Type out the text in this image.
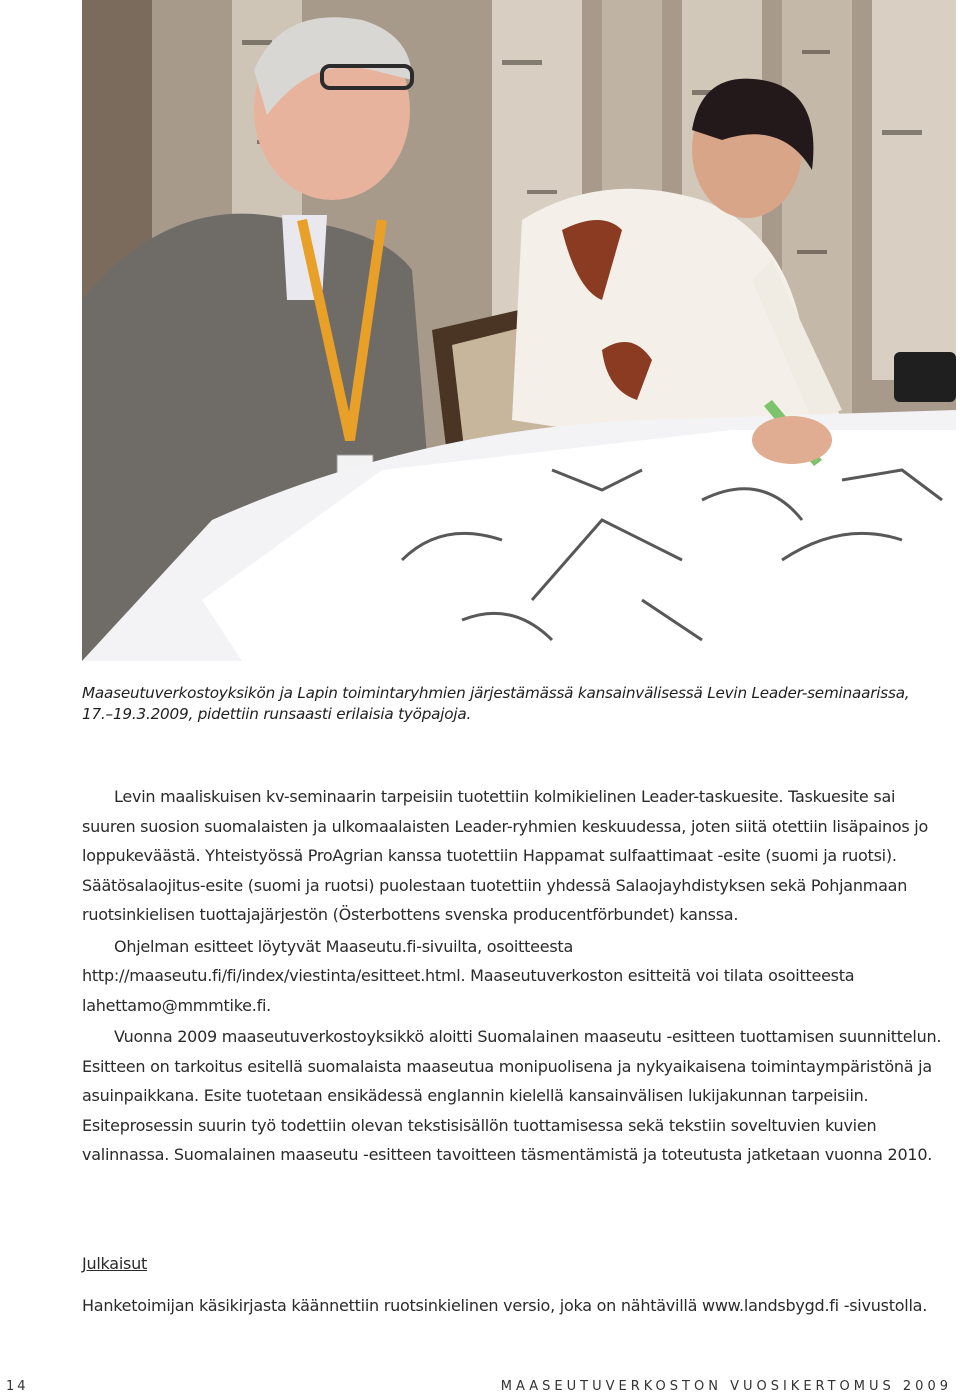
Maaseutuverkostoyksikön ja Lapin toimintaryhmien järjestämässä kansainvälisessä Levin Leader-seminaarissa, 17.–19.3.2009, pidettiin runsaasti erilaisia työpajoja.

Levin maaliskuisen kv-seminaarin tarpeisiin tuotettiin kolmikielinen Leader-taskuesite. Taskuesite sai suuren suosion suomalaisten ja ulkomaalaisten Leader-ryhmien keskuudessa, joten siitä otettiin lisäpainos jo loppukeväästä. Yhteistyössä ProAgrian kanssa tuotettiin Happamat sulfaattimaat -esite (suomi ja ruotsi). Säätösalaojitus-esite (suomi ja ruotsi) puolestaan tuotettiin yhdessä Salaojayhdistyksen sekä Pohjanmaan ruotsinkielisen tuottajajärjestön (Österbottens svenska producentförbundet) kanssa.

Ohjelman esitteet löytyvät Maaseutu.fi-sivuilta, osoitteesta http://maaseutu.fi/fi/index/viestinta/esitteet.html. Maaseutuverkoston esitteitä voi tilata osoitteesta lahettamo@mmmtike.fi.

Vuonna 2009 maaseutuverkostoyksikkö aloitti Suomalainen maaseutu -esitteen tuottamisen suunnittelun. Esitteen on tarkoitus esitellä suomalaista maaseutua monipuolisena ja nykyaikaisena toimintaympäristönä ja asuinpaikkana. Esite tuotetaan ensikädessä englannin kielellä kansainvälisen lukijakunnan tarpeisiin. Esiteprosessin suurin työ todettiin olevan tekstisisällön tuottamisessa sekä tekstiin soveltuvien kuvien valinnassa. Suomalainen maaseutu -esitteen tavoitteen täsmentämistä ja toteutusta jatketaan vuonna 2010.

Julkaisut

Hanketoimijan käsikirjasta käännettiin ruotsinkielinen versio, joka on nähtävillä www.landsbygd.fi -sivustolla.

14	MAASEUTUVERKOSTON VUOSIKERTOMUS 2009
